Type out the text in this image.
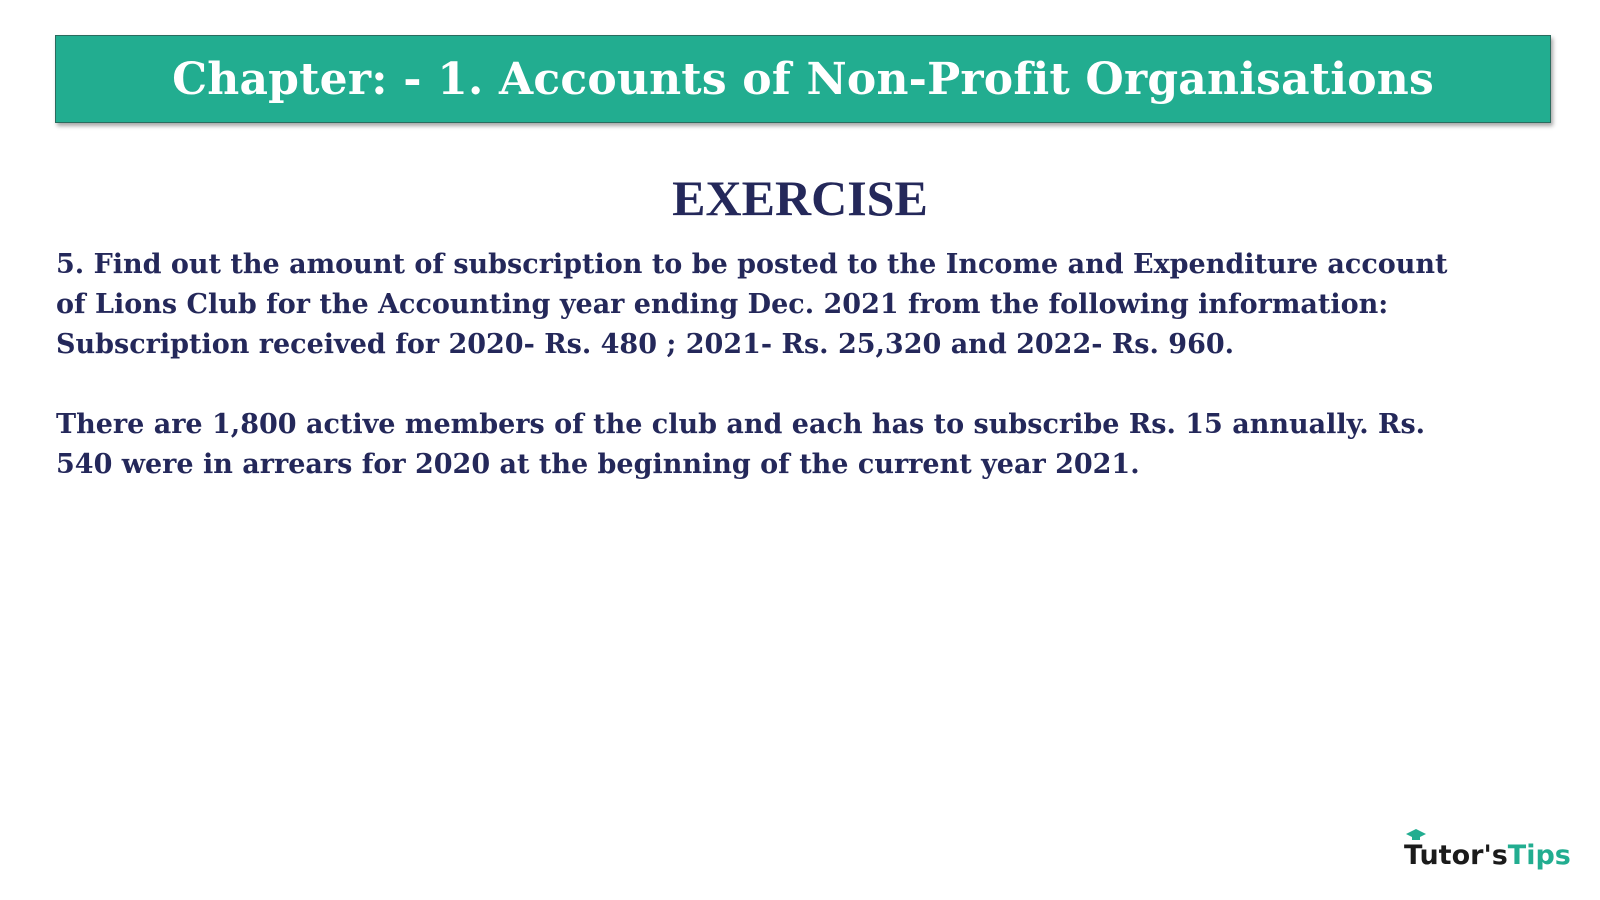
Chapter: - 1. Accounts of Non-Profit Organisations
EXERCISE
5. Find out the amount of subscription to be posted to the Income and Expenditure account
of Lions Club for the Accounting year ending Dec. 2021 from the following information:
Subscription received for 2020- Rs. 480 ; 2021- Rs. 25,320 and 2022- Rs. 960.
There are 1,800 active members of the club and each has to subscribe Rs. 15 annually. Rs.
540 were in arrears for 2020 at the beginning of the current year 2021.
Tutor's Tips
